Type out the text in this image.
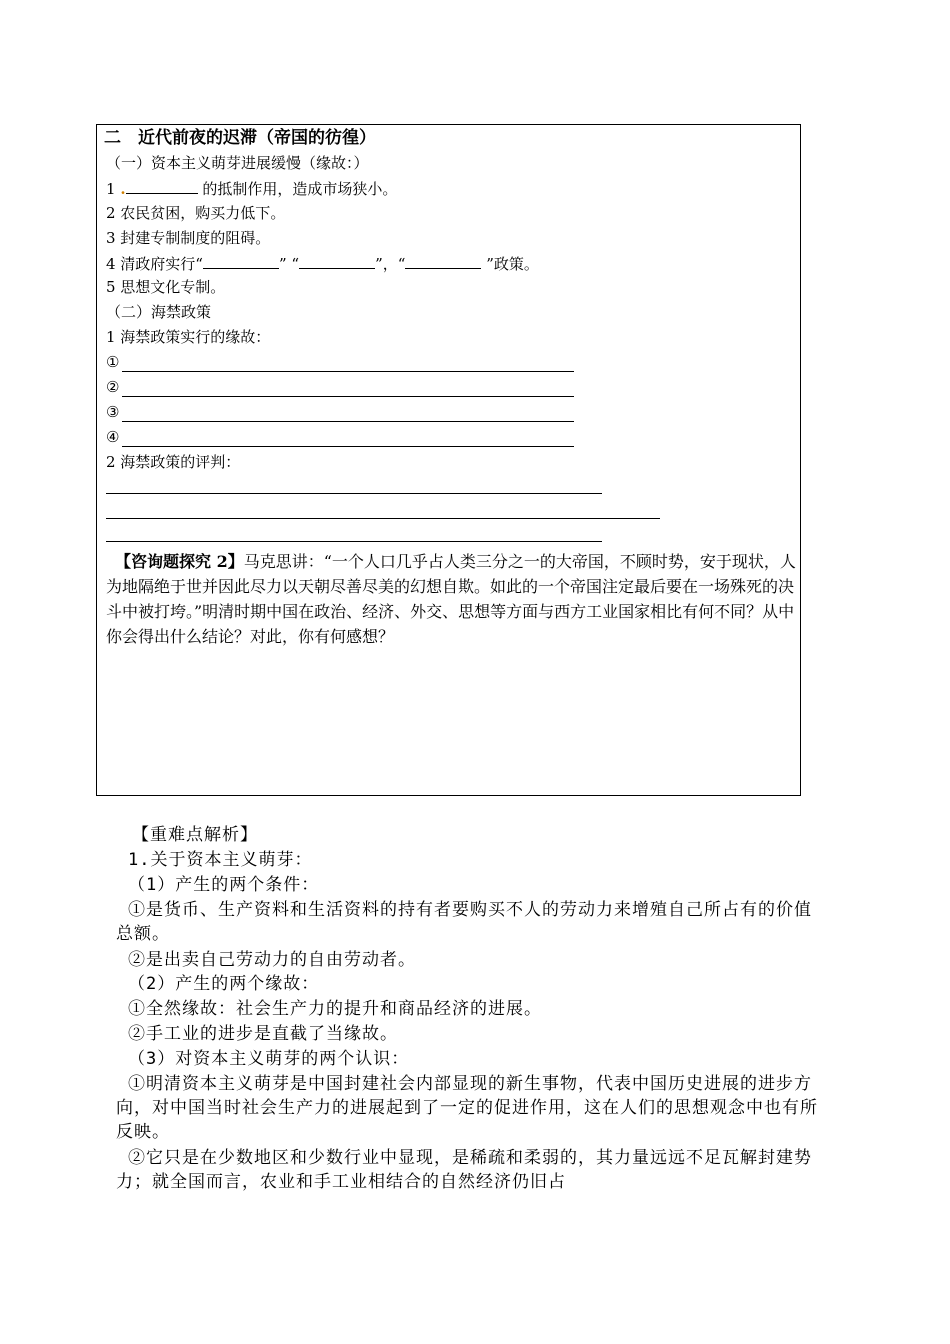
二　近代前夜的迟滞（帝国的彷徨）
（一）资本主义萌芽进展缓慢（缘故：）
1 .	的抵制作用，造成市场狭小。
2 农民贫困，购买力低下。
3 封建专制制度的阻碍。
4 清政府实行“	” “	”，“	”政策。
5 思想文化专制。
（二）海禁政策
1 海禁政策实行的缘故：
①
②
③
④
2 海禁政策的评判：
【咨询题探究 2】马克思讲：“一个人口几乎占人类三分之一的大帝国，不顾时势，安于现状，人为地隔绝于世并因此尽力以天朝尽善尽美的幻想自欺。如此的一个帝国注定最后要在一场殊死的决斗中被打垮。”明清时期中国在政治、经济、外交、思想等方面与西方工业国家相比有何不同？从中你会得出什么结论？对此，你有何感想？
【重难点解析】
1.关于资本主义萌芽：
（1）产生的两个条件：
①是货币、生产资料和生活资料的持有者要购买不人的劳动力来增殖自己所占有的价值总额。
②是出卖自己劳动力的自由劳动者。
（2）产生的两个缘故：
①全然缘故：社会生产力的提升和商品经济的进展。
②手工业的进步是直截了当缘故。
（3）对资本主义萌芽的两个认识：
①明清资本主义萌芽是中国封建社会内部显现的新生事物，代表中国历史进展的进步方向，对中国当时社会生产力的进展起到了一定的促进作用，这在人们的思想观念中也有所反映。
②它只是在少数地区和少数行业中显现，是稀疏和柔弱的，其力量远远不足瓦解封建势力；就全国而言，农业和手工业相结合的自然经济仍旧占
